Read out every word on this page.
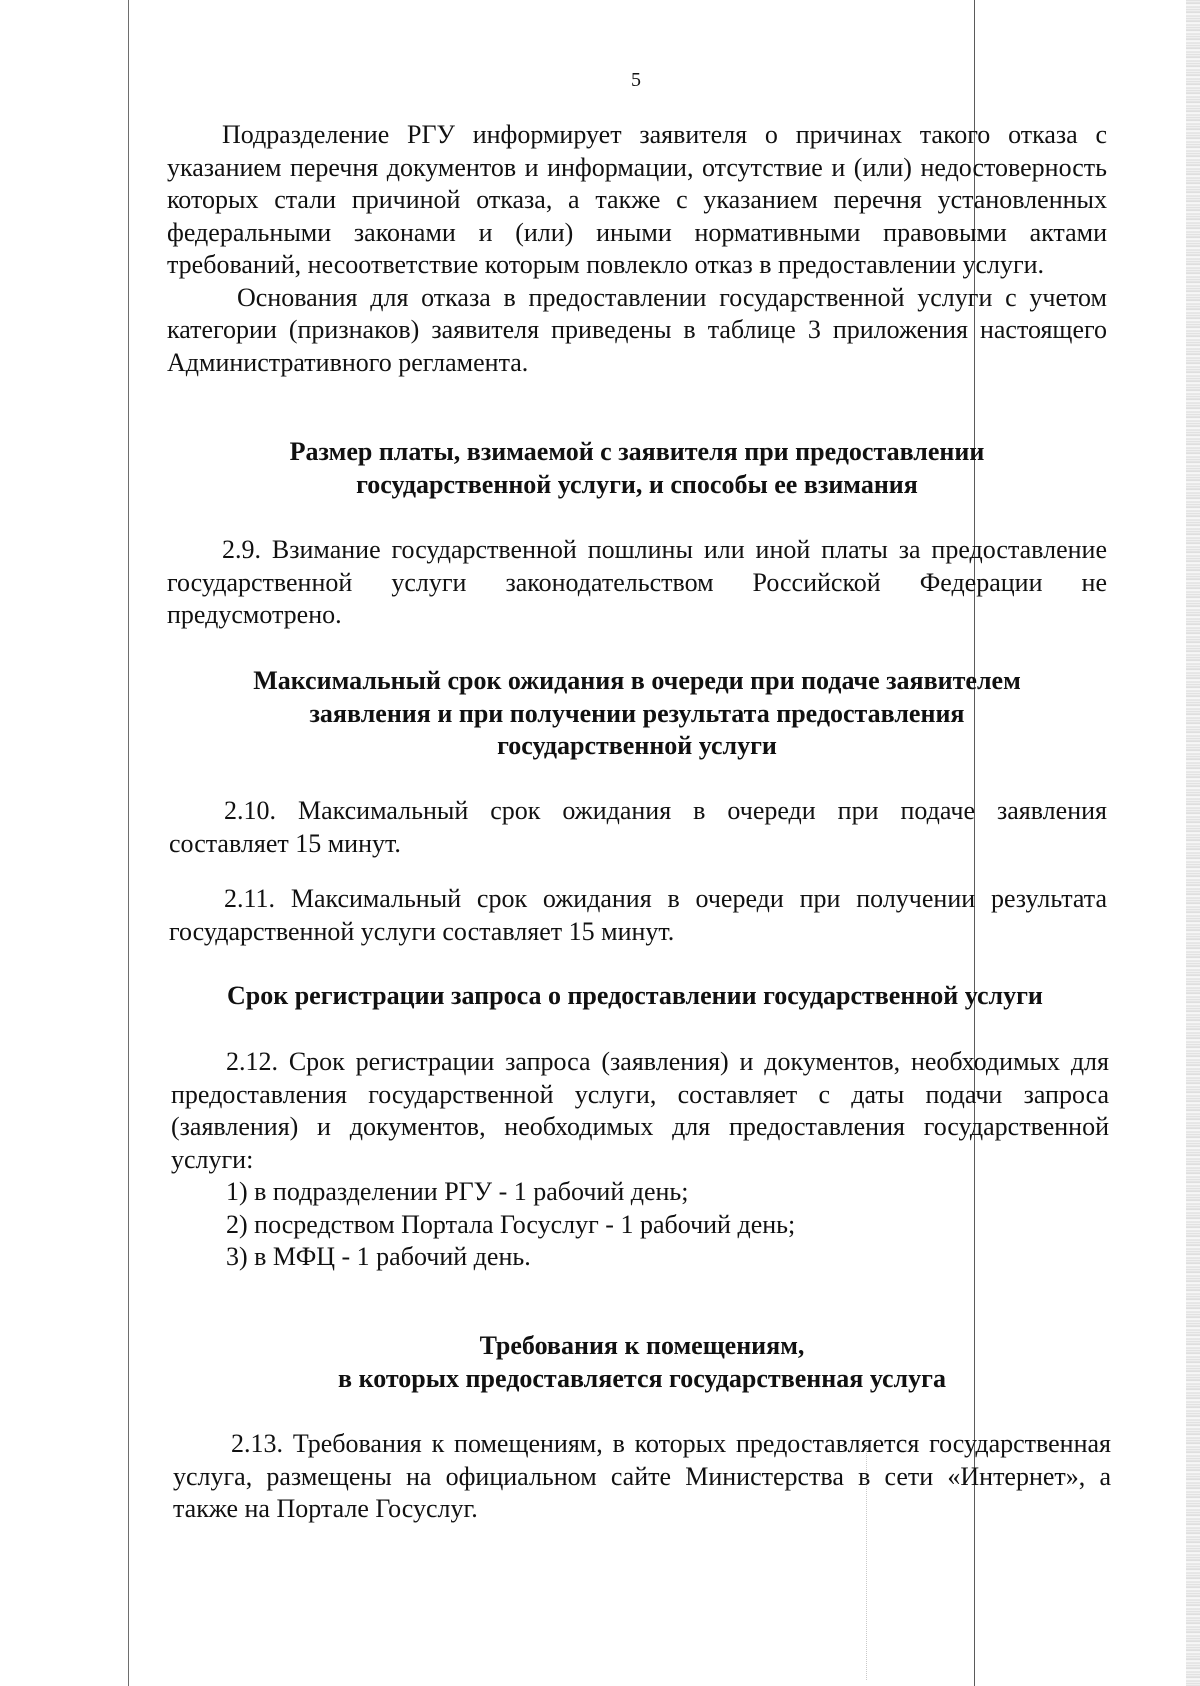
5

Подразделение РГУ информирует заявителя о причинах такого отказа с указанием перечня документов и информации, отсутствие и (или) недостоверность которых стали причиной отказа, а также с указанием перечня установленных федеральными законами и (или) иными нормативными правовыми актами требований, несоответствие которым повлекло отказ в предоставлении услуги.

Основания для отказа в предоставлении государственной услуги с учетом категории (признаков) заявителя приведены в таблице 3 приложения настоящего Административного регламента.

Размер платы, взимаемой с заявителя при предоставлении
государственной услуги, и способы ее взимания

2.9. Взимание государственной пошлины или иной платы за предоставление государственной услуги законодательством Российской Федерации не предусмотрено.

Максимальный срок ожидания в очереди при подаче заявителем
заявления и при получении результата предоставления
государственной услуги

2.10. Максимальный срок ожидания в очереди при подаче заявления составляет 15 минут.

2.11. Максимальный срок ожидания в очереди при получении результата государственной услуги составляет 15 минут.

Срок регистрации запроса о предоставлении государственной услуги

2.12. Срок регистрации запроса (заявления) и документов, необходимых для предоставления государственной услуги, составляет с даты подачи запроса (заявления) и документов, необходимых для предоставления государственной услуги:

1) в подразделении РГУ - 1 рабочий день;
2) посредством Портала Госуслуг - 1 рабочий день;
3) в МФЦ - 1 рабочий день.
Требования к помещениям,
в которых предоставляется государственная услуга

2.13. Требования к помещениям, в которых предоставляется государственная услуга, размещены на официальном сайте Министерства в сети «Интернет», а также на Портале Госуслуг.
